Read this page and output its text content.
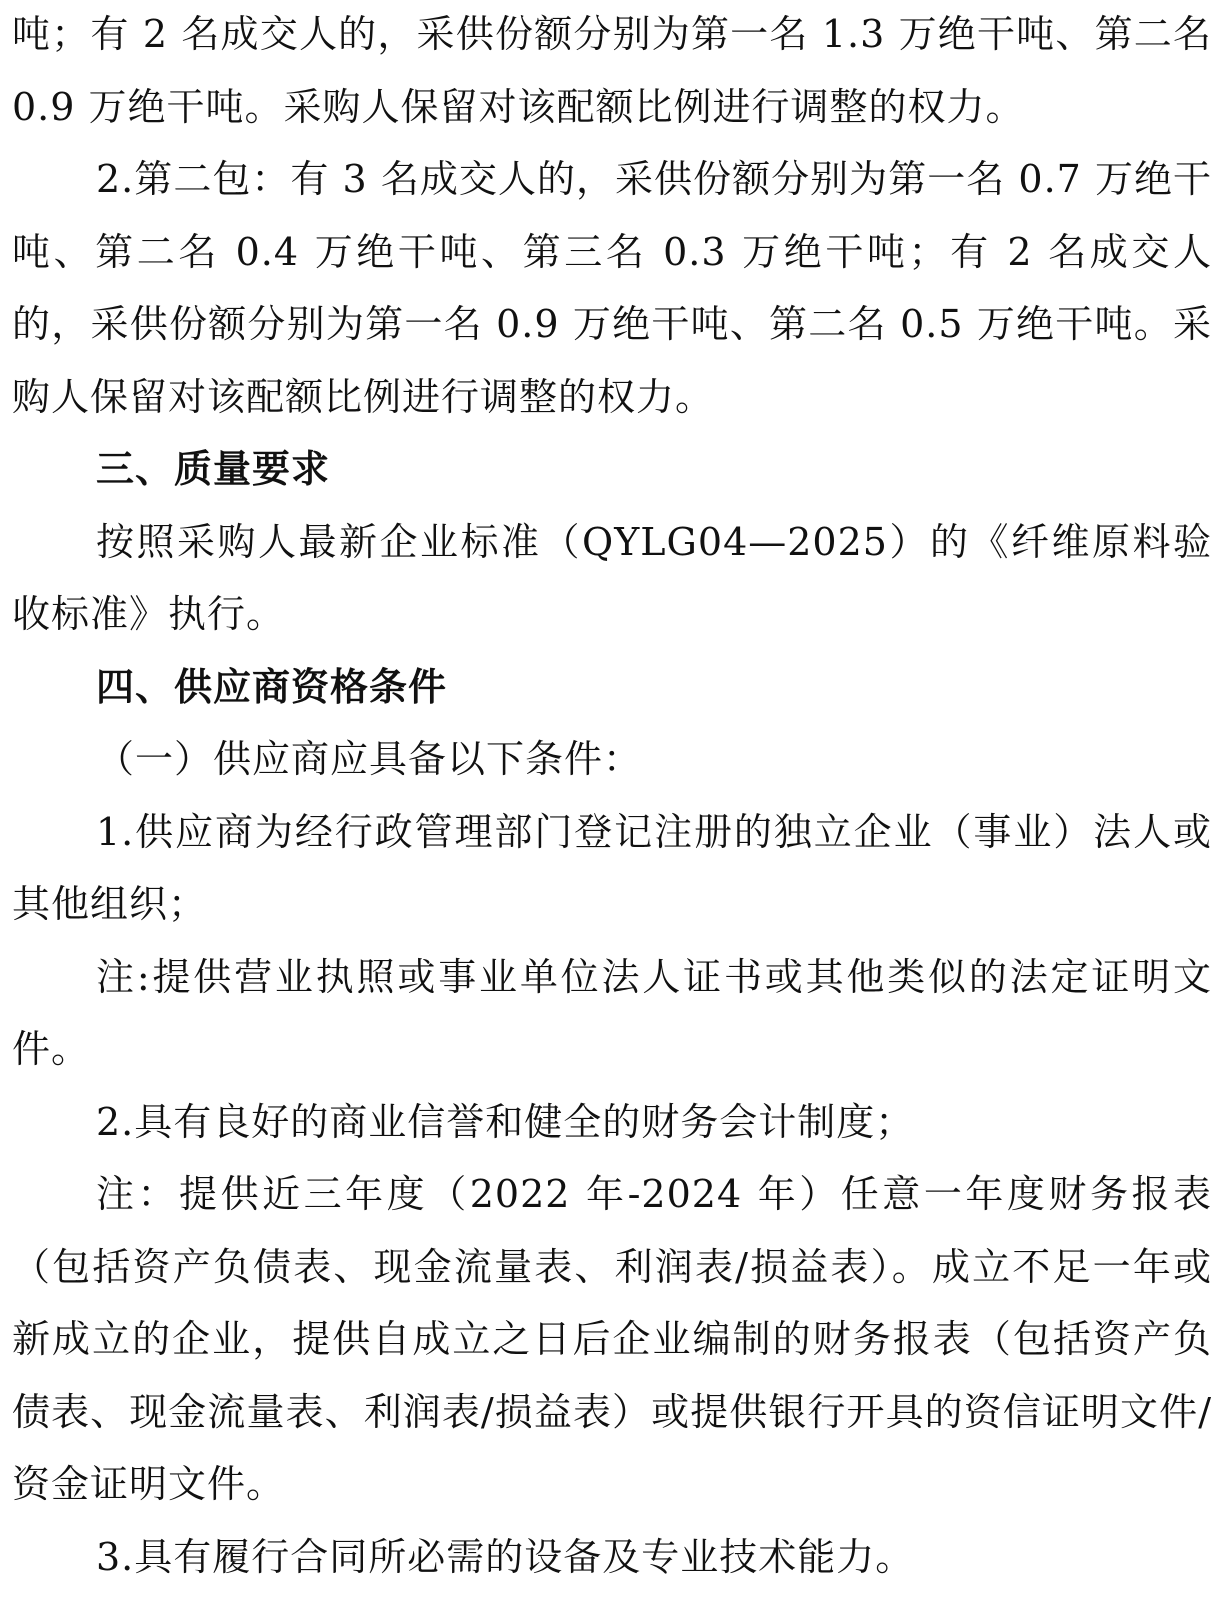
吨；有 2 名成交人的，采供份额分别为第一名 1.3 万绝干吨、第二名 0.9 万绝干吨。采购人保留对该配额比例进行调整的权力。

2.第二包：有 3 名成交人的，采供份额分别为第一名 0.7 万绝干吨、第二名 0.4 万绝干吨、第三名 0.3 万绝干吨；有 2 名成交人的，采供份额分别为第一名 0.9 万绝干吨、第二名 0.5 万绝干吨。采购人保留对该配额比例进行调整的权力。

三、质量要求

按照采购人最新企业标准（QYLG04—2025）的《纤维原料验收标准》执行。

四、供应商资格条件

（一）供应商应具备以下条件：

1.供应商为经行政管理部门登记注册的独立企业（事业）法人或其他组织；

注:提供营业执照或事业单位法人证书或其他类似的法定证明文件。

2.具有良好的商业信誉和健全的财务会计制度；

注：提供近三年度（2022 年-2024 年）任意一年度财务报表（包括资产负债表、现金流量表、利润表/损益表）。成立不足一年或新成立的企业，提供自成立之日后企业编制的财务报表（包括资产负债表、现金流量表、利润表/损益表）或提供银行开具的资信证明文件/资金证明文件。

3.具有履行合同所必需的设备及专业技术能力。
